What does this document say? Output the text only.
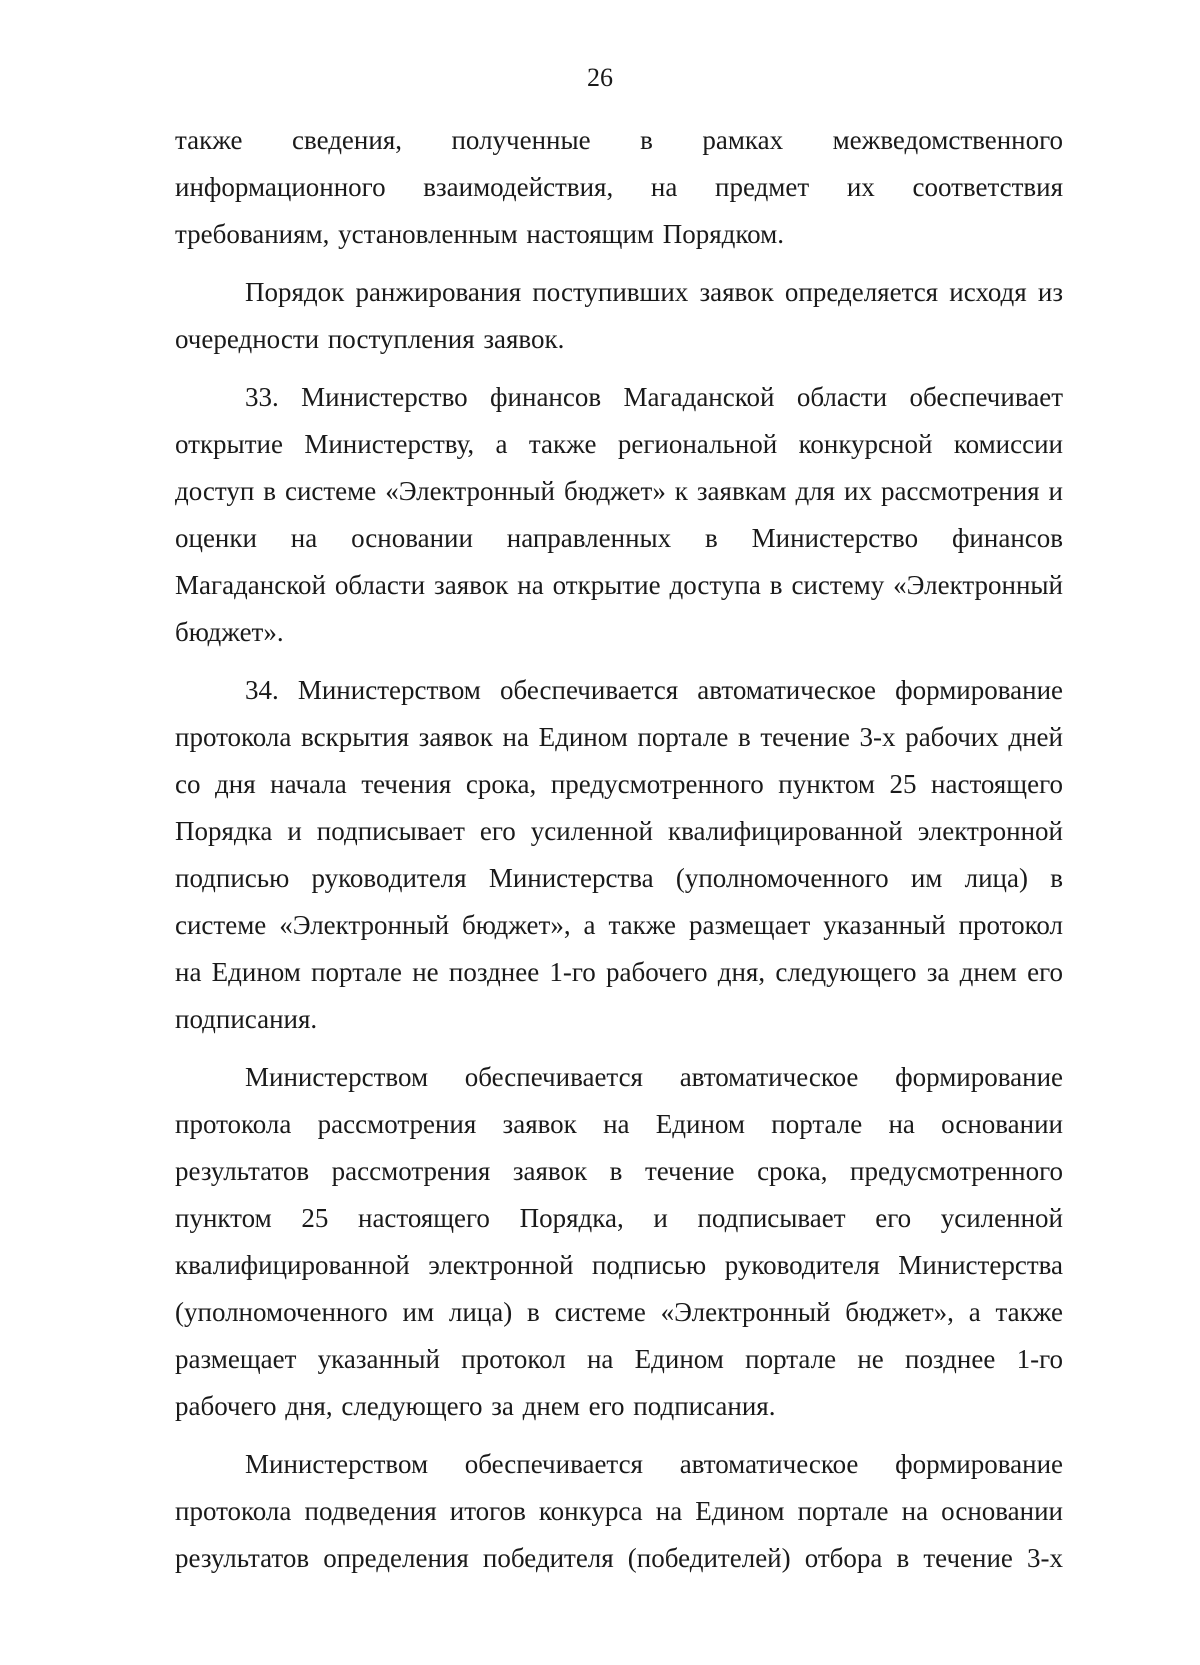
26

также сведения, полученные в рамках межведомственного информационного взаимодействия, на предмет их соответствия требованиям, установленным настоящим Порядком.

Порядок ранжирования поступивших заявок определяется исходя из очередности поступления заявок.

33. Министерство финансов Магаданской области обеспечивает открытие Министерству, а также региональной конкурсной комиссии доступ в системе «Электронный бюджет» к заявкам для их рассмотрения и оценки на основании направленных в Министерство финансов Магаданской области заявок на открытие доступа в систему «Электронный бюджет».

34. Министерством обеспечивается автоматическое формирование протокола вскрытия заявок на Едином портале в течение 3-х рабочих дней со дня начала течения срока, предусмотренного пунктом 25 настоящего Порядка и подписывает его усиленной квалифицированной электронной подписью руководителя Министерства (уполномоченного им лица) в системе «Электронный бюджет», а также размещает указанный протокол на Едином портале не позднее 1-го рабочего дня, следующего за днем его подписания.

Министерством обеспечивается автоматическое формирование протокола рассмотрения заявок на Едином портале на основании результатов рассмотрения заявок в течение срока, предусмотренного пунктом 25 настоящего Порядка, и подписывает его усиленной квалифицированной электронной подписью руководителя Министерства (уполномоченного им лица) в системе «Электронный бюджет», а также размещает указанный протокол на Едином портале не позднее 1-го рабочего дня, следующего за днем его подписания.

Министерством обеспечивается автоматическое формирование протокола подведения итогов конкурса на Едином портале на основании результатов определения победителя (победителей) отбора в течение 3-х
